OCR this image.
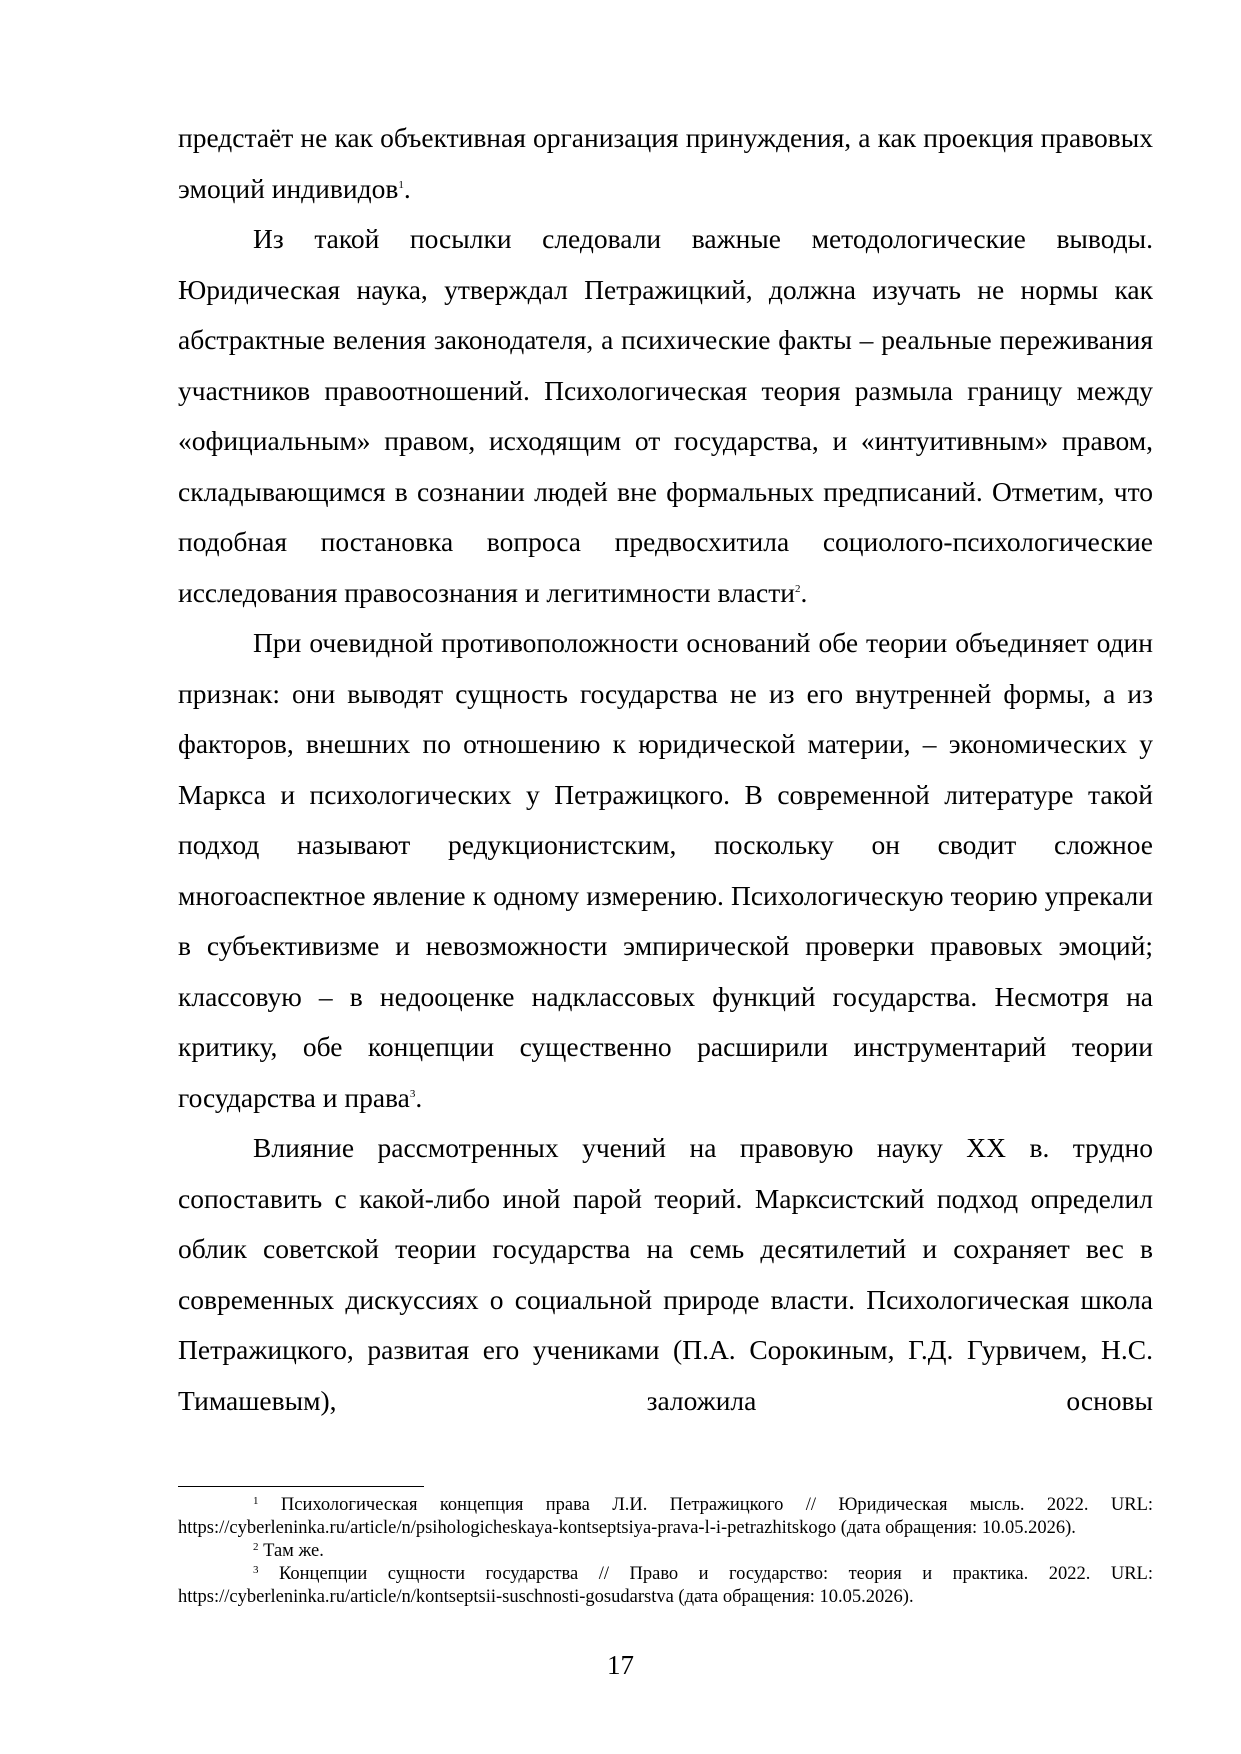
предстаёт не как объективная организация принуждения, а как проекция правовых эмоций индивидов$^1$.

Из такой посылки следовали важные методологические выводы. Юридическая наука, утверждал Петражицкий, должна изучать не нормы как абстрактные веления законодателя, а психические факты – реальные переживания участников правоотношений. Психологическая теория размыла границу между «официальным» правом, исходящим от государства, и «интуитивным» правом, складывающимся в сознании людей вне формальных предписаний. Отметим, что подобная постановка вопроса предвосхитила социолого-психологические исследования правосознания и легитимности власти$^2$.

При очевидной противоположности оснований обе теории объединяет один признак: они выводят сущность государства не из его внутренней формы, а из факторов, внешних по отношению к юридической материи, – экономических у Маркса и психологических у Петражицкого. В современной литературе такой подход называют редукционистским, поскольку он сводит сложное многоаспектное явление к одному измерению. Психологическую теорию упрекали в субъективизме и невозможности эмпирической проверки правовых эмоций; классовую – в недооценке надклассовых функций государства. Несмотря на критику, обе концепции существенно расширили инструментарий теории государства и права$^3$.

Влияние рассмотренных учений на правовую науку XX в. трудно сопоставить с какой-либо иной парой теорий. Марксистский подход определил облик советской теории государства на семь десятилетий и сохраняет вес в современных дискуссиях о социальной природе власти. Психологическая школа Петражицкого, развитая его учениками (П.А. Сорокиным, Г.Д. Гурвичем, Н.С. Тимашевым), заложила основы

$^1$ Психологическая концепция права Л.И. Петражицкого // Юридическая мысль. 2022. URL: https://cyberleninka.ru/article/n/psihologicheskaya-kontseptsiya-prava-l-i-petrazhitskogo (дата обращения: 10.05.2026).

$^2$ Там же.

$^3$ Концепции сущности государства // Право и государство: теория и практика. 2022. URL: https://cyberleninka.ru/article/n/kontseptsii-suschnosti-gosudarstva (дата обращения: 10.05.2026).

17
